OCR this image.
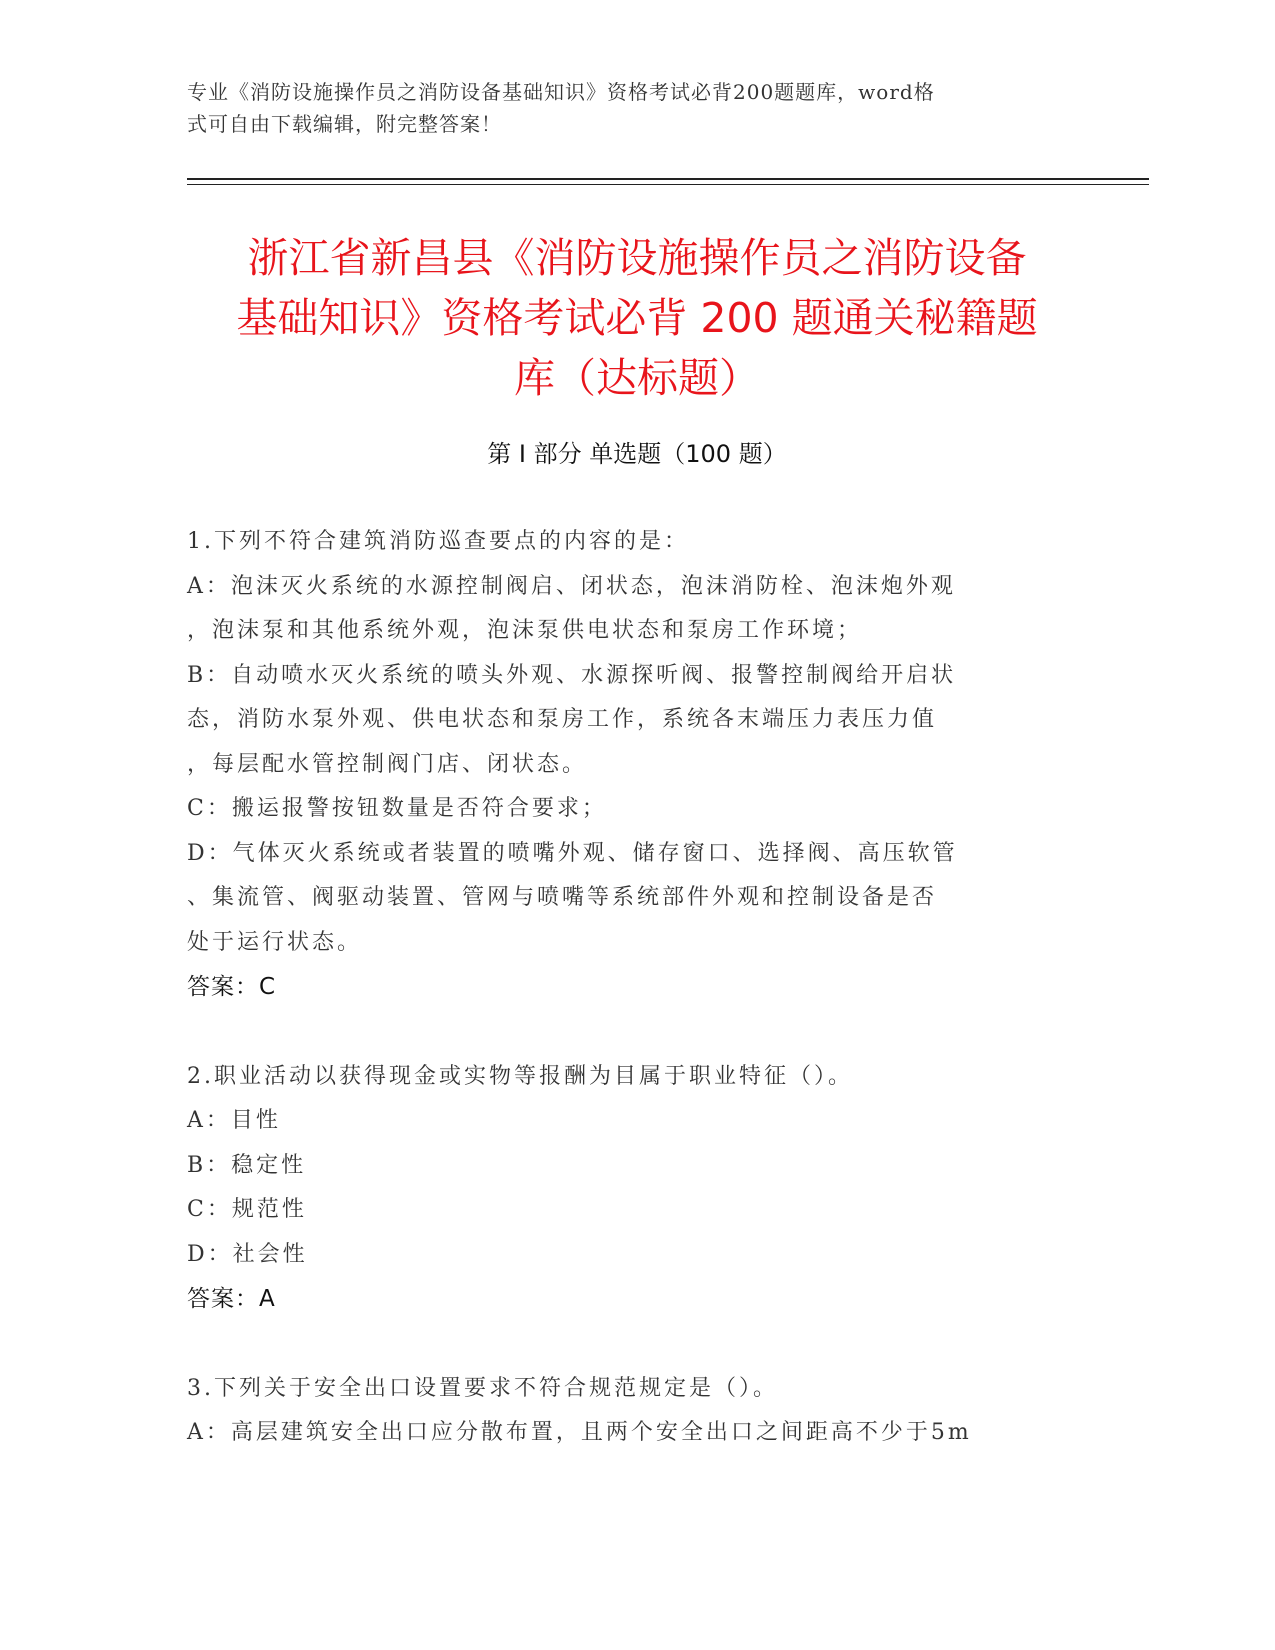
专业《消防设施操作员之消防设备基础知识》资格考试必背200题题库，word格
式可自由下载编辑，附完整答案！
浙江省新昌县《消防设施操作员之消防设备
基础知识》资格考试必背 200 题通关秘籍题
库（达标题）
第 I 部分 单选题（100 题）

1.下列不符合建筑消防巡查要点的内容的是：

A：泡沫灭火系统的水源控制阀启、闭状态，泡沫消防栓、泡沫炮外观

，泡沫泵和其他系统外观，泡沫泵供电状态和泵房工作环境；

B：自动喷水灭火系统的喷头外观、水源探听阀、报警控制阀给开启状

态，消防水泵外观、供电状态和泵房工作，系统各末端压力表压力值

，每层配水管控制阀门店、闭状态。

C：搬运报警按钮数量是否符合要求；

D：气体灭火系统或者装置的喷嘴外观、储存窗口、选择阀、高压软管

、集流管、阀驱动装置、管网与喷嘴等系统部件外观和控制设备是否

处于运行状态。

答案：C

2.职业活动以获得现金或实物等报酬为目属于职业特征（）。

A：目性

B：稳定性

C：规范性

D：社会性

答案：A

3.下列关于安全出口设置要求不符合规范规定是（）。

A：高层建筑安全出口应分散布置，且两个安全出口之间距高不少于5m
